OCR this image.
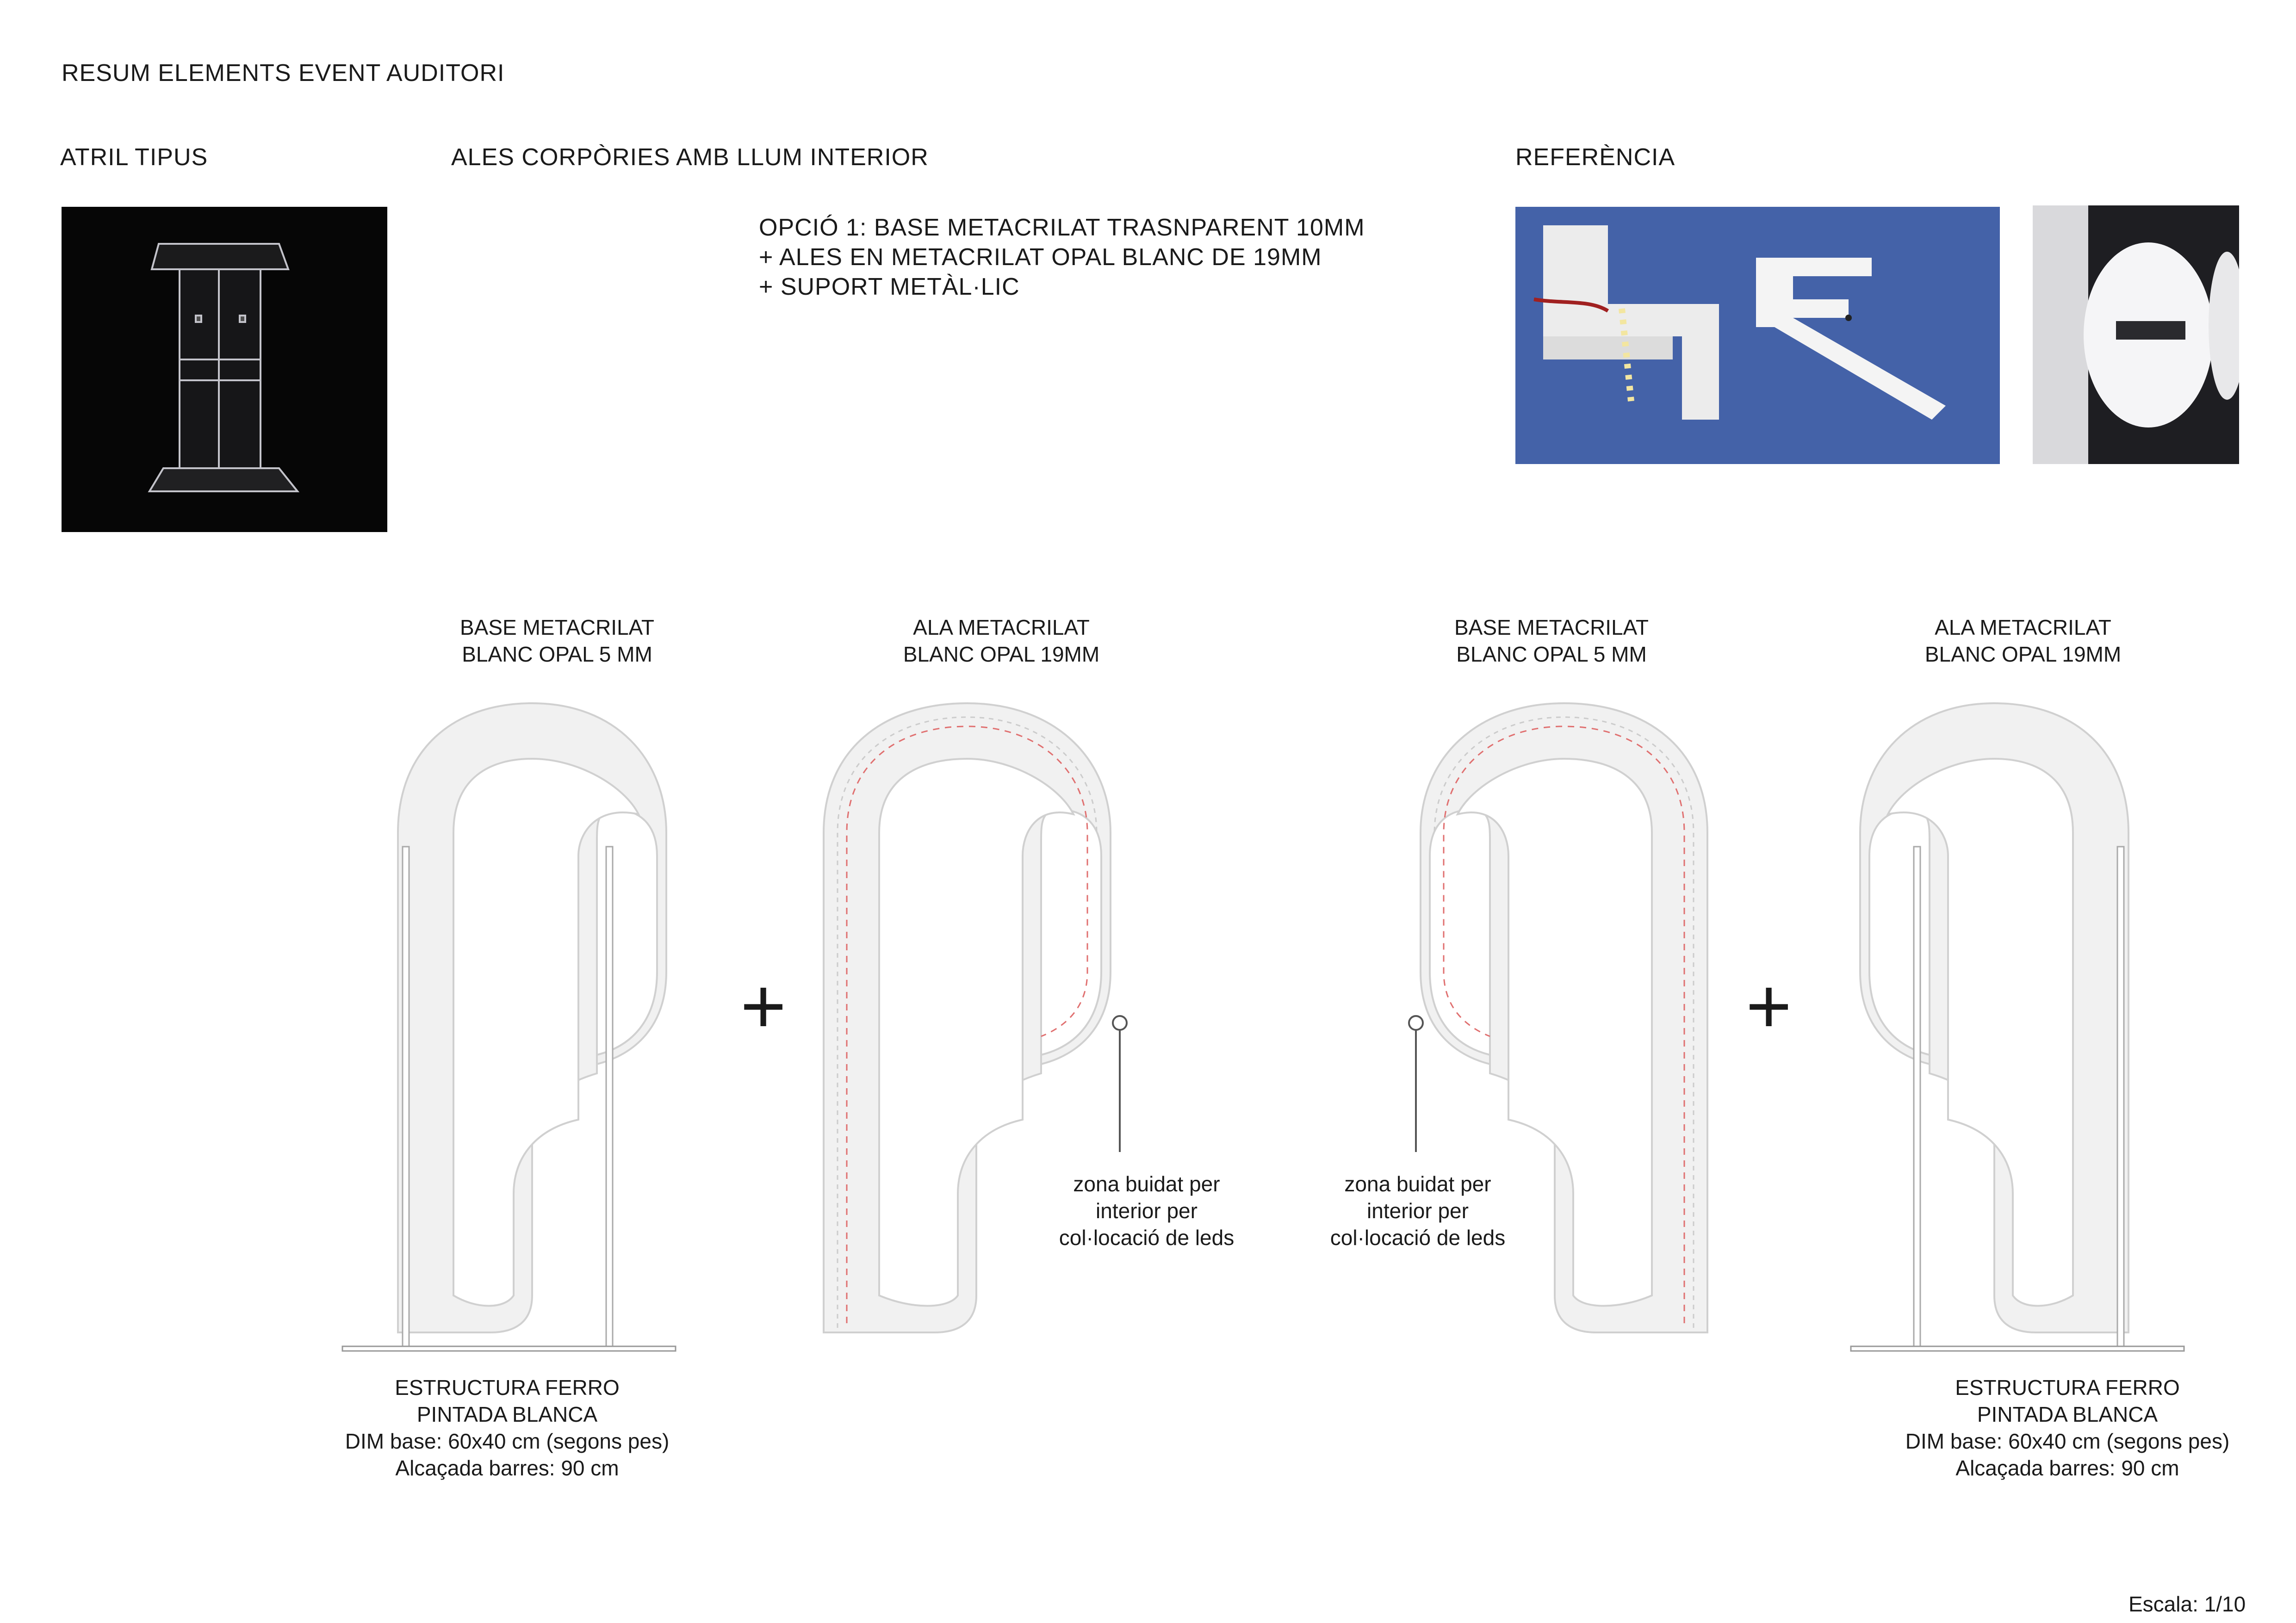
RESUM ELEMENTS EVENT AUDITORI
ATRIL TIPUS	ALES CORPÒRIES AMB LLUM INTERIOR	REFERÈNCIA
OPCIÓ 1: BASE METACRILAT TRASNPARENT 10MM
+ ALES EN METACRILAT OPAL BLANC DE 19MM
+ SUPORT METÀL·LIC
BASE METACRILAT
BLANC OPAL 5 MM
ALA METACRILAT
BLANC OPAL 19MM
BASE METACRILAT
BLANC OPAL 5 MM
ALA METACRILAT
BLANC OPAL 19MM
+	+
zona buidat per
interior per
col·locació de leds
zona buidat per
interior per
col·locació de leds
ESTRUCTURA FERRO
PINTADA BLANCA
DIM base: 60x40 cm (segons pes)
Alcaçada barres: 90 cm
ESTRUCTURA FERRO
PINTADA BLANCA
DIM base: 60x40 cm (segons pes)
Alcaçada barres: 90 cm
Escala: 1/10
